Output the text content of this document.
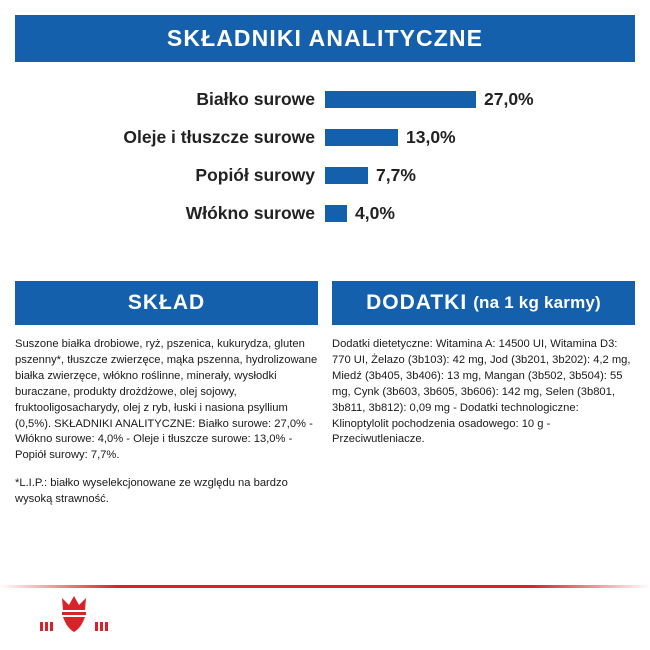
SKŁADNIKI ANALITYCZNE
Białko surowe	27,0%
Oleje i tłuszcze surowe	13,0%
Popiół surowy	7,7%
Włókno surowe	4,0%
SKŁAD

Suszone białka drobiowe, ryż, pszenica, kukurydza, gluten pszenny*, tłuszcze zwierzęce, mąka pszenna, hydrolizowane białka zwierzęce, włókno roślinne, minerały, wysłodki buraczane, produkty drożdżowe, olej sojowy, fruktooligosacharydy, olej z ryb, łuski i nasiona psyllium (0,5%). SKŁADNIKI ANALITYCZNE: Białko surowe: 27,0% - Włókno surowe: 4,0% - Oleje i tłuszcze surowe: 13,0% - Popiół surowy: 7,7%.

*L.I.P.: białko wyselekcjonowane ze względu na bardzo wysoką strawność.

DODATKI (na 1 kg karmy)

Dodatki dietetyczne: Witamina A: 14500 UI, Witamina D3: 770 UI, Żelazo (3b103): 42 mg, Jod (3b201, 3b202): 4,2 mg, Miedź (3b405, 3b406): 13 mg, Mangan (3b502, 3b504): 55 mg, Cynk (3b603, 3b605, 3b606): 142 mg, Selen (3b801, 3b811, 3b812): 0,09 mg - Dodatki technologiczne: Klinoptylolit pochodzenia osadowego: 10 g - Przeciwutleniacze.
